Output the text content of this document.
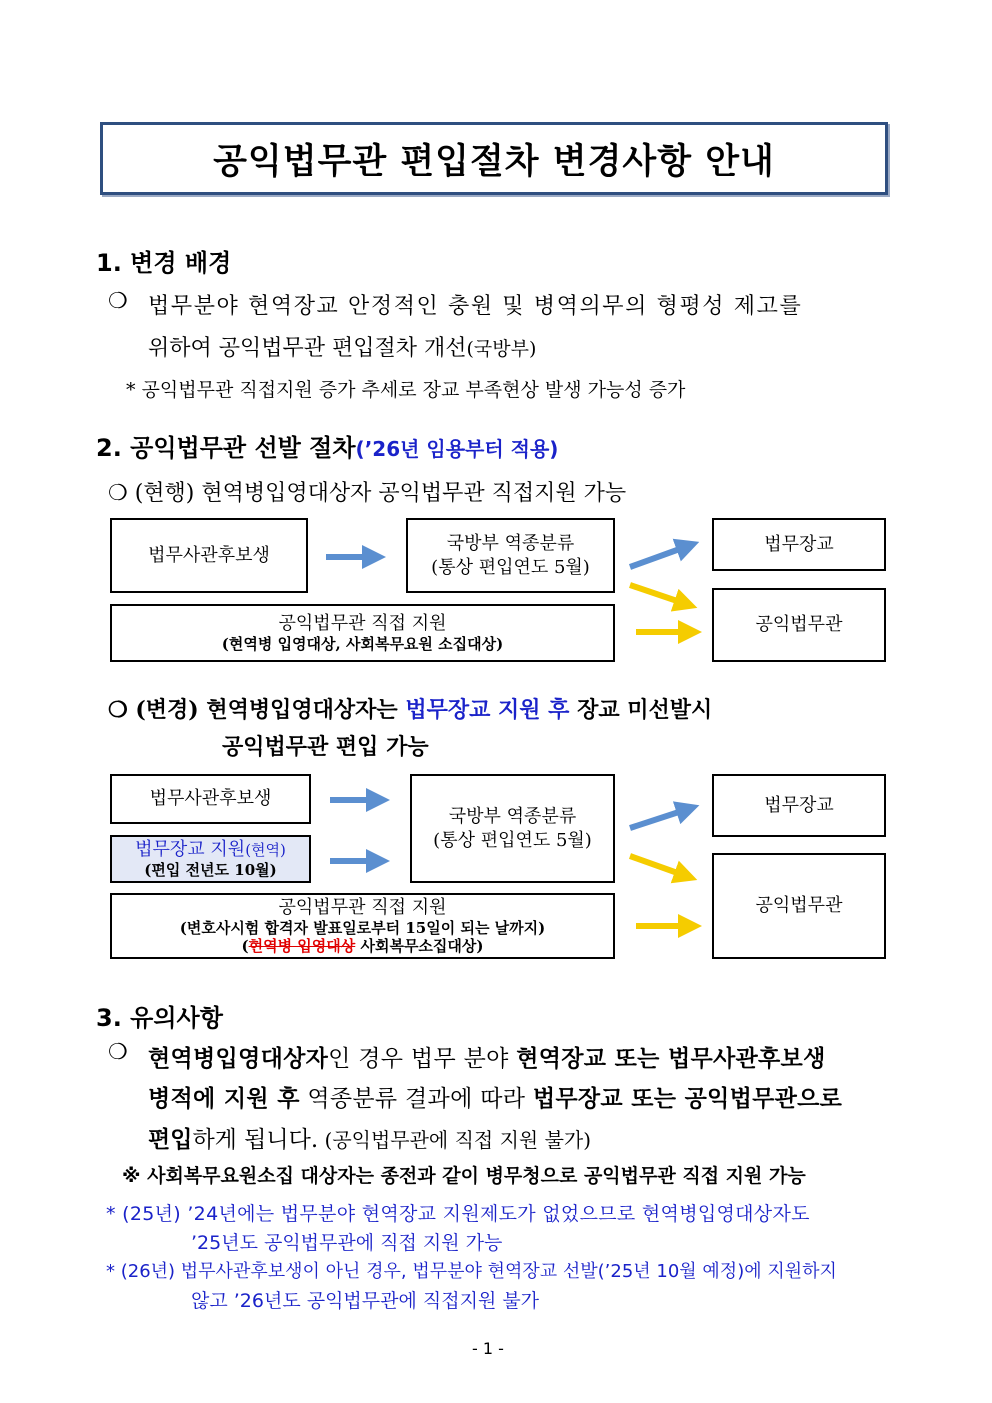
공익법무관 편입절차 변경사항 안내
1. 변경 배경
❍ 법무분야 현역장교 안정적인 충원 및 병역의무의 형평성 제고를
위하여 공익법무관 편입절차 개선(국방부)
* 공익법무관 직접지원 증가 추세로 장교 부족현상 발생 가능성 증가
2. 공익법무관 선발 절차(’26년 임용부터 적용)
❍ (현행) 현역병입영대상자 공익법무관 직접지원 가능
법무사관후보생
국방부 역종분류
(통상 편입연도 5월)
공익법무관 직접 지원
(현역병 입영대상, 사회복무요원 소집대상)
법무장교
공익법무관
❍ (변경) 현역병입영대상자는 법무장교 지원 후 장교 미선발시
공익법무관 편입 가능
법무사관후보생
법무장교 지원(현역)
(편입 전년도 10월)
국방부 역종분류
(통상 편입연도 5월)
공익법무관 직접 지원
(변호사시험 합격자 발표일로부터 15일이 되는 날까지)
(현역병 입영대상 사회복무소집대상)
법무장교
공익법무관
3. 유의사항
❍ 현역병입영대상자인 경우 법무 분야 현역장교 또는 법무사관후보생
병적에 지원 후 역종분류 결과에 따라 법무장교 또는 공익법무관으로
편입하게 됩니다. (공익법무관에 직접 지원 불가)
※ 사회복무요원소집 대상자는 종전과 같이 병무청으로 공익법무관 직접 지원 가능
* (25년) ’24년에는 법무분야 현역장교 지원제도가 없었으므로 현역병입영대상자도
’25년도 공익법무관에 직접 지원 가능
* (26년) 법무사관후보생이 아닌 경우, 법무분야 현역장교 선발(’25년 10월 예정)에 지원하지
않고 ’26년도 공익법무관에 직접지원 불가
- 1 -
